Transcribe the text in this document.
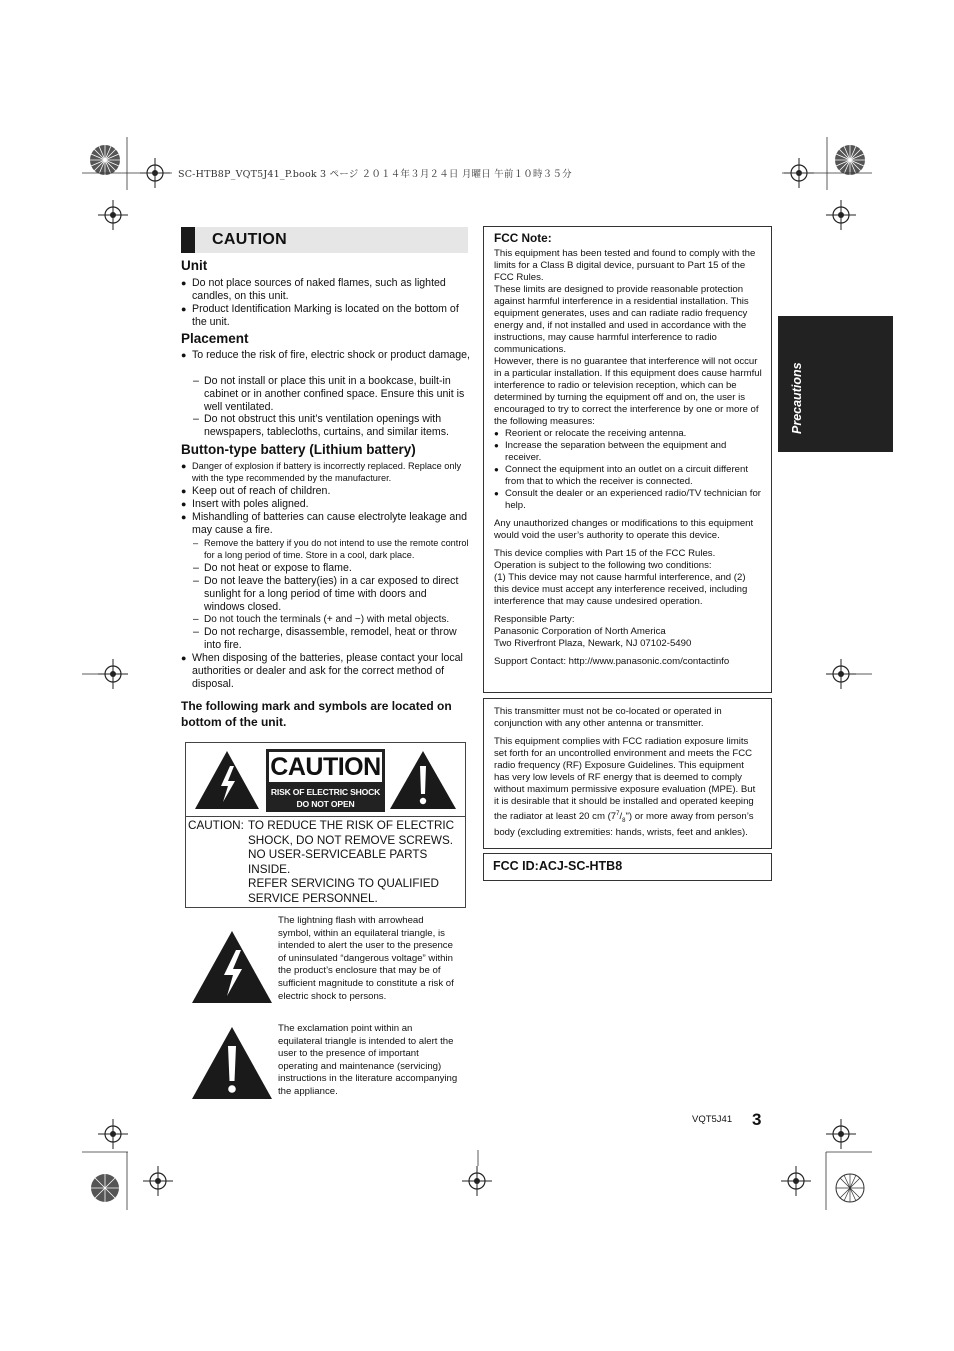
SC-HTB8P_VQT5J41_P.book 3 ページ ２０１４年３月２４日 月曜日 午前１０時３５分
CAUTION
Unit
● Do not place sources of naked flames, such as lighted candles, on this unit.
● Product Identification Marking is located on the bottom of the unit.
Placement
● To reduce the risk of fire, electric shock or product damage,
– Do not install or place this unit in a bookcase, built-in cabinet or in another confined space. Ensure this unit is well ventilated.
– Do not obstruct this unit’s ventilation openings with newspapers, tablecloths, curtains, and similar items.
Button-type battery (Lithium battery)
● Danger of explosion if battery is incorrectly replaced. Replace only with the type recommended by the manufacturer.
● Keep out of reach of children.
● Insert with poles aligned.
● Mishandling of batteries can cause electrolyte leakage and may cause a fire.
– Remove the battery if you do not intend to use the remote control for a long period of time. Store in a cool, dark place.
– Do not heat or expose to flame.
– Do not leave the battery(ies) in a car exposed to direct sunlight for a long period of time with doors and windows closed.
– Do not touch the terminals (+ and −) with metal objects.
– Do not recharge, disassemble, remodel, heat or throw into fire.
● When disposing of the batteries, please contact your local authorities or dealer and ask for the correct method of disposal.
The following mark and symbols are located on bottom of the unit.
CAUTION
RISK OF ELECTRIC SHOCK
DO NOT OPEN
CAUTION: TO REDUCE THE RISK OF ELECTRIC
SHOCK, DO NOT REMOVE SCREWS.
NO USER-SERVICEABLE PARTS
INSIDE.
REFER SERVICING TO QUALIFIED
SERVICE PERSONNEL.
The lightning flash with arrowhead symbol, within an equilateral triangle, is intended to alert the user to the presence of uninsulated “dangerous voltage” within the product’s enclosure that may be of sufficient magnitude to constitute a risk of electric shock to persons.
The exclamation point within an equilateral triangle is intended to alert the user to the presence of important operating and maintenance (servicing) instructions in the literature accompanying the appliance.
FCC Note:
This equipment has been tested and found to comply with the limits for a Class B digital device, pursuant to Part 15 of the FCC Rules.
These limits are designed to provide reasonable protection against harmful interference in a residential installation. This equipment generates, uses and can radiate radio frequency energy and, if not installed and used in accordance with the instructions, may cause harmful interference to radio communications.
However, there is no guarantee that interference will not occur in a particular installation. If this equipment does cause harmful interference to radio or television reception, which can be determined by turning the equipment off and on, the user is encouraged to try to correct the interference by one or more of the following measures:
● Reorient or relocate the receiving antenna.
● Increase the separation between the equipment and receiver.
● Connect the equipment into an outlet on a circuit different from that to which the receiver is connected.
● Consult the dealer or an experienced radio/TV technician for help.
Any unauthorized changes or modifications to this equipment would void the user’s authority to operate this device.
This device complies with Part 15 of the FCC Rules.
Operation is subject to the following two conditions:
(1) This device may not cause harmful interference, and (2) this device must accept any interference received, including interference that may cause undesired operation.
Responsible Party:
Panasonic Corporation of North America
Two Riverfront Plaza, Newark, NJ 07102-5490
Support Contact: http://www.panasonic.com/contactinfo
This transmitter must not be co-located or operated in conjunction with any other antenna or transmitter.
This equipment complies with FCC radiation exposure limits set forth for an uncontrolled environment and meets the FCC radio frequency (RF) Exposure Guidelines. This equipment has very low levels of RF energy that is deemed to comply without maximum permissive exposure evaluation (MPE). But it is desirable that it should be installed and operated keeping the radiator at least 20 cm $(7^7/_8")$ or more away from person’s body (excluding extremities: hands, wrists, feet and ankles).
FCC ID:ACJ-SC-HTB8
Precautions
VQT5J41 3
